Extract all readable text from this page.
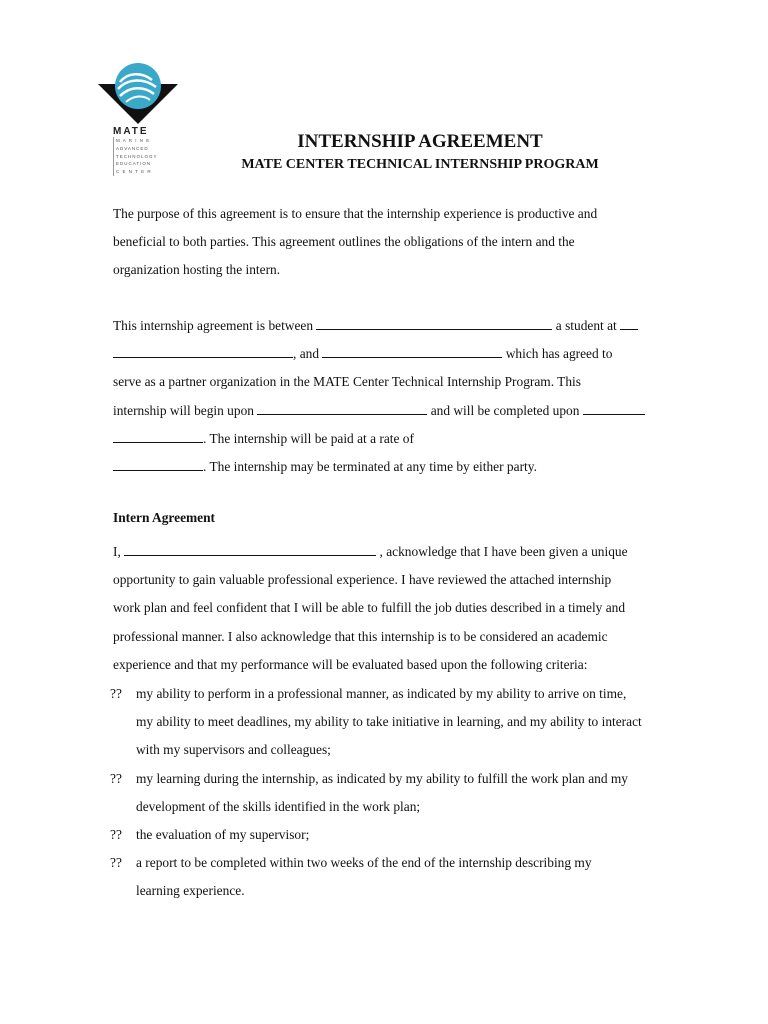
MATE
M A R I N E
ADVANCED
TECHNOLOGY
EDUCATION
C E N T E R
INTERNSHIP AGREEMENT
MATE CENTER TECHNICAL INTERNSHIP PROGRAM
The purpose of this agreement is to ensure that the internship experience is productive and
beneficial to both parties. This agreement outlines the obligations of the intern and the
organization hosting the intern.
This internship agreement is between	a student at
, and	which has agreed to
serve as a partner organization in the MATE Center Technical Internship Program. This
internship will begin upon	and will be completed upon
. The internship will be paid at a rate of
. The internship may be terminated at any time by either party.
Intern Agreement
I,	, acknowledge that I have been given a unique
opportunity to gain valuable professional experience. I have reviewed the attached internship
work plan and feel confident that I will be able to fulfill the job duties described in a timely and
professional manner. I also acknowledge that this internship is to be considered an academic
experience and that my performance will be evaluated based upon the following criteria:
?? my ability to perform in a professional manner, as indicated by my ability to arrive on time,
my ability to meet deadlines, my ability to take initiative in learning, and my ability to interact
with my supervisors and colleagues;
?? my learning during the internship, as indicated by my ability to fulfill the work plan and my
development of the skills identified in the work plan;
?? the evaluation of my supervisor;
?? a report to be completed within two weeks of the end of the internship describing my
learning experience.
